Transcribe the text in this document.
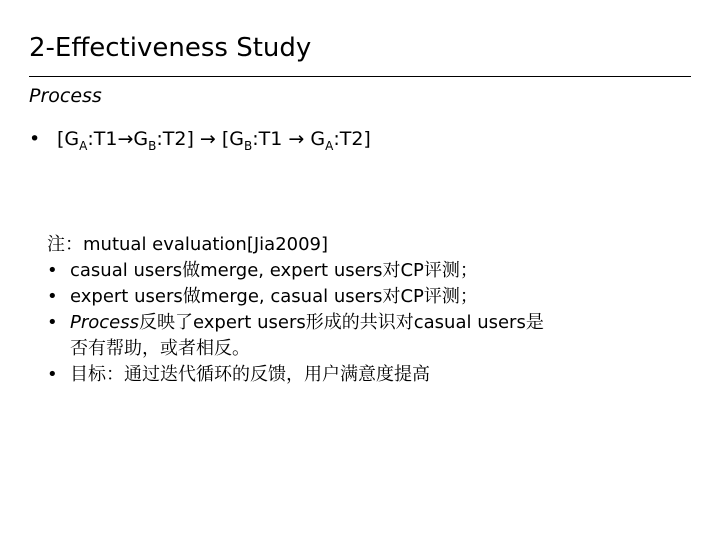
2-Effectiveness Study
Process
• $[G_A:T1\to G_B:T2]$ → [$G_B:T1$ → $G_A:T2$]
注：mutual evaluation[Jia2009]
• casual users做merge, expert users对CP评测；
• expert users做merge, casual users对CP评测；
• Process反映了expert users形成的共识对casual users是
否有帮助，或者相反。
• 目标：通过迭代循环的反馈，用户满意度提高
